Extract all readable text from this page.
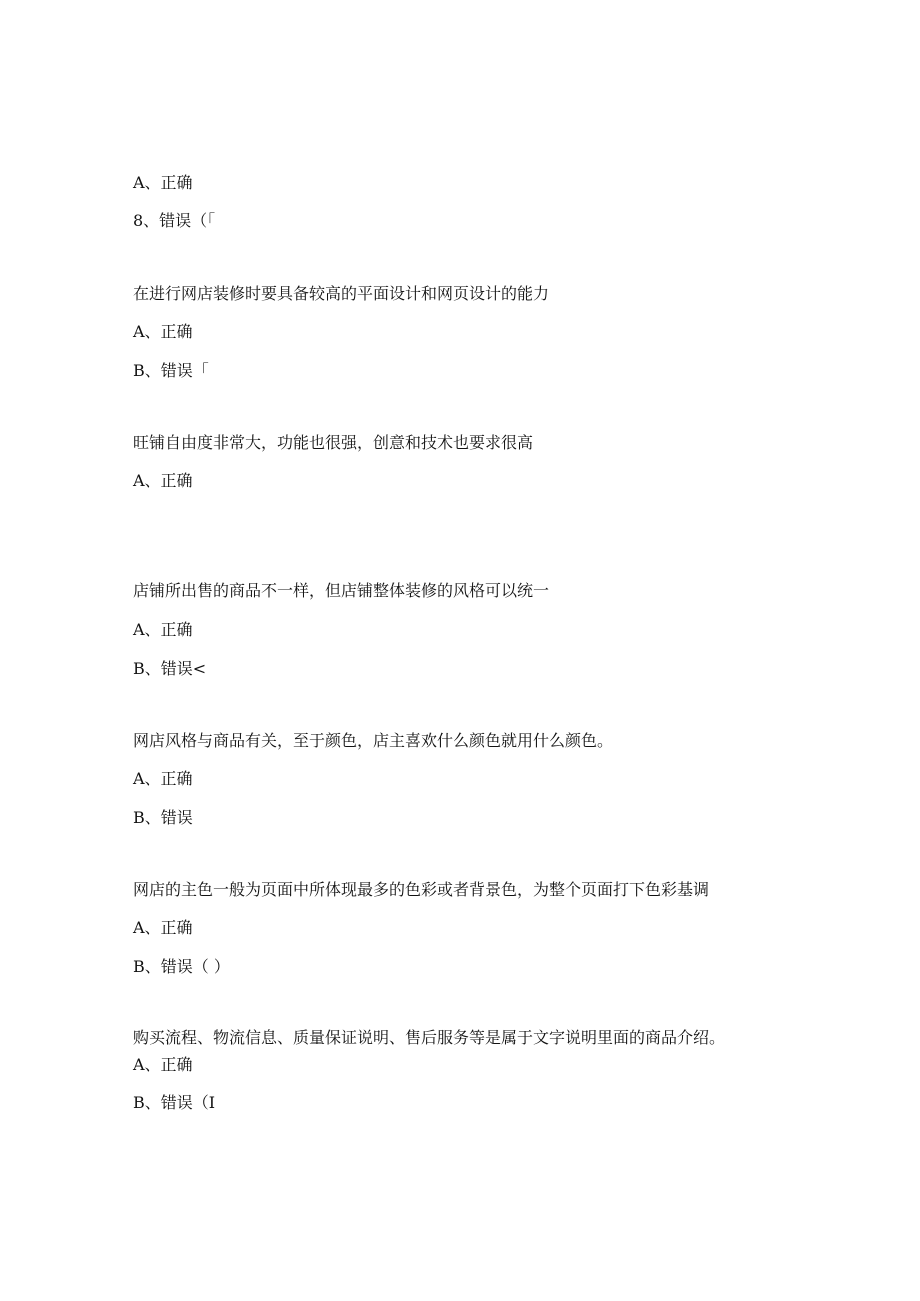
A、正确
8、错误（「
在进行网店装修时要具备较高的平面设计和网页设计的能力
A、正确
B、错误「
旺铺自由度非常大，功能也很强，创意和技术也要求很高
A、正确
店铺所出售的商品不一样，但店铺整体装修的风格可以统一
A、正确
B、错误<
网店风格与商品有关，至于颜色，店主喜欢什么颜色就用什么颜色。
A、正确
B、错误
网店的主色一般为页面中所体现最多的色彩或者背景色，为整个页面打下色彩基调
A、正确
B、错误（ ）
购买流程、物流信息、质量保证说明、售后服务等是属于文字说明里面的商品介绍。
A、正确
B、错误（I
